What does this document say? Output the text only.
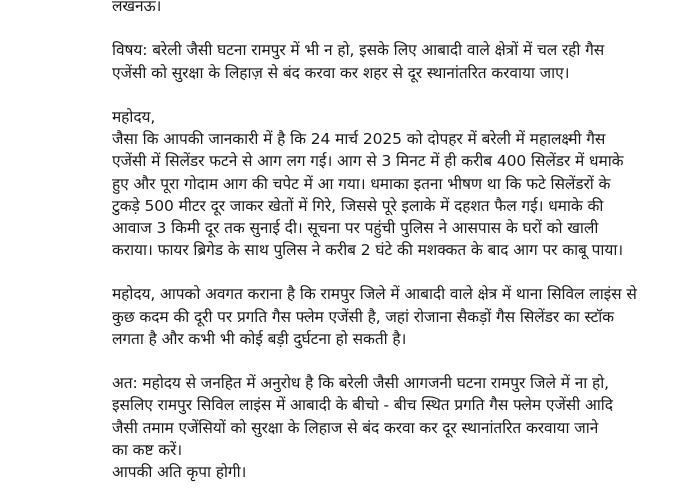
लखनऊ।
विषय: बरेली जैसी घटना रामपुर में भी न हो, इसके लिए आबादी वाले क्षेत्रों में चल रही गैस
एजेंसी को सुरक्षा के लिहाज़ से बंद करवा कर शहर से दूर स्थानांतरित करवाया जाए।
महोदय,
जैसा कि आपकी जानकारी में है कि 24 मार्च 2025 को दोपहर में बरेली में महालक्ष्मी गैस
एजेंसी में सिलेंडर फटने से आग लग गई। आग से 3 मिनट में ही करीब 400 सिलेंडर में धमाके
हुए और पूरा गोदाम आग की चपेट में आ गया। धमाका इतना भीषण था कि फटे सिलेंडरों के
टुकड़े 500 मीटर दूर जाकर खेतों में गिरे, जिससे पूरे इलाके में दहशत फैल गई। धमाके की
आवाज 3 किमी दूर तक सुनाई दी। सूचना पर पहुंची पुलिस ने आसपास के घरों को खाली
कराया। फायर ब्रिगेड के साथ पुलिस ने करीब 2 घंटे की मशक्कत के बाद आग पर काबू पाया।
महोदय, आपको अवगत कराना है कि रामपुर जिले में आबादी वाले क्षेत्र में थाना सिविल लाइंस से
कुछ कदम की दूरी पर प्रगति गैस फ्लेम एजेंसी है, जहां रोजाना सैकड़ों गैस सिलेंडर का स्टॉक
लगता है और कभी भी कोई बड़ी दुर्घटना हो सकती है।
अत: महोदय से जनहित में अनुरोध है कि बरेली जैसी आगजनी घटना रामपुर जिले में ना हो,
इसलिए रामपुर सिविल लाइंस में आबादी के बीचो - बीच स्थित प्रगति गैस फ्लेम एजेंसी आदि
जैसी तमाम एजेंसियों को सुरक्षा के लिहाज से बंद करवा कर दूर स्थानांतरित करवाया जाने
का कष्ट करें।
आपकी अति कृपा होगी।
